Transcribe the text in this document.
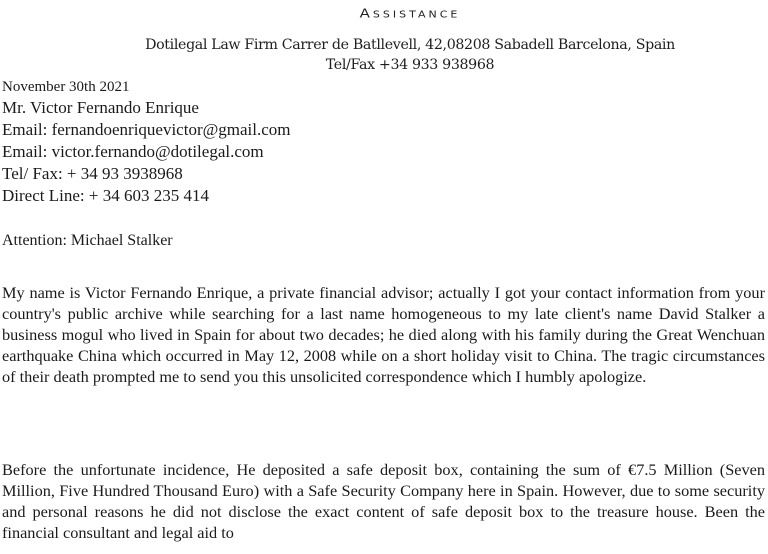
Assistance
Dotilegal Law Firm Carrer de Batllevell, 42,08208 Sabadell Barcelona, Spain
Tel/Fax +34 933 938968
November 30th 2021
Mr. Victor Fernando Enrique
Email: fernandoenriquevictor@gmail.com
Email: victor.fernando@dotilegal.com
Tel/ Fax: + 34 93 3938968
Direct Line: + 34 603 235 414
Attention: Michael Stalker

My name is Victor Fernando Enrique, a private financial advisor; actually I got your contact information from your country's public archive while searching for a last name homogeneous to my late client's name David Stalker a business mogul who lived in Spain for about two decades; he died along with his family during the Great Wenchuan earthquake China which occurred in May 12, 2008 while on a short holiday visit to China. The tragic circumstances of their death prompted me to send you this unsolicited correspondence which I humbly apologize.

Before the unfortunate incidence, He deposited a safe deposit box, containing the sum of €7.5 Million (Seven Million, Five Hundred Thousand Euro) with a Safe Security Company here in Spain. However, due to some security and personal reasons he did not disclose the exact content of safe deposit box to the treasure house. Been the financial consultant and legal aid to
